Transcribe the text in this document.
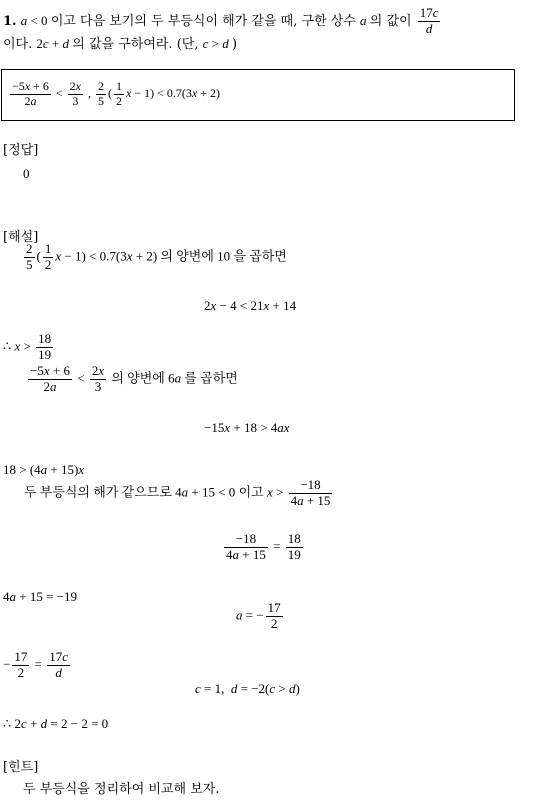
1. a < 0 이고 다음 보기의 두 부등식이 해가 같을 때, 구한 상수 a 의 값이 $\frac{17c}{d}$
이다. 2c + d 의 값을 구하여라. (단, c > d )
$\frac{-5x + 6}{2a} < \frac{2x}{3}$ , $\frac{2}{5}$ ( $\frac{1}{2}$ x − 1) < 0.7(3x + 2)
[정답]
0
[해설]
$\frac{2}{5}$ ( $\frac{1}{2}$ x − 1) < 0.7(3x + 2) 의 양변에 10 을 곱하면
2x − 4 < 21x + 14
∴ $x > \frac{18}{19}$
$\frac{-5x + 6}{2a} < \frac{2x}{3}$ 의 양변에 6a 를 곱하면
−15x + 18 > 4ax
18 > (4a + 15)x
두 부등식의 해가 같으므로 4a + 15 < 0 이고 $x > \frac{-18}{4a + 15}$
$\frac{-18}{4a + 15} = \frac{18}{19}$
4a + 15 = −19
a = − $\frac{17}{2}$
− $\frac{17}{2} = \frac{17c}{d}$
c = 1,  d = −2(c > d)
∴ 2c + d = 2 − 2 = 0
[힌트]
두 부등식을 정리하여 비교해 보자.
